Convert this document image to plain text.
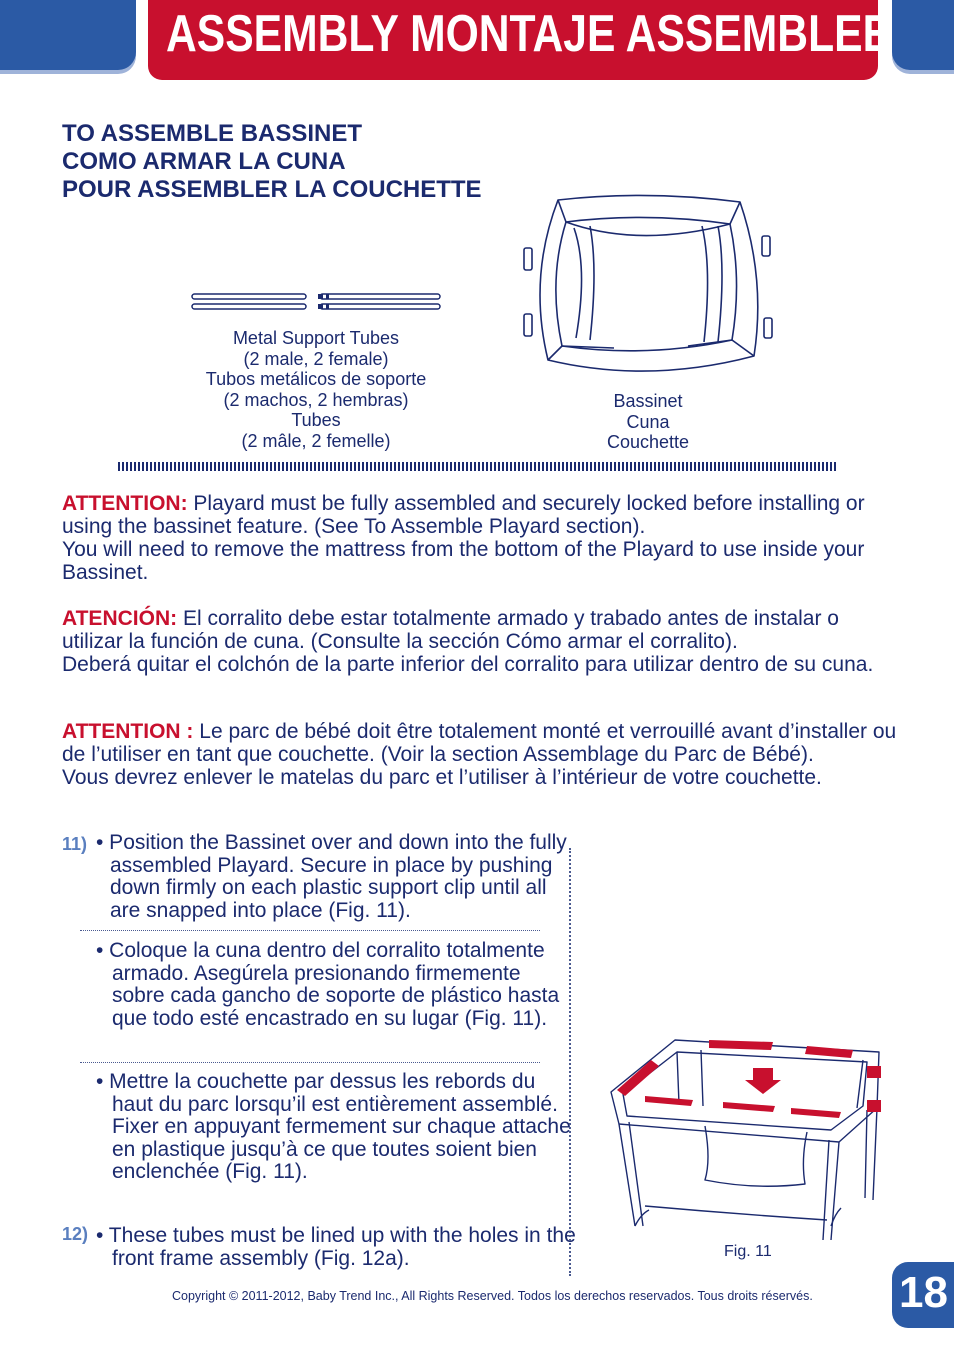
ASSEMBLY MONTAJE ASSEMBLEE
TO ASSEMBLE BASSINET
COMO ARMAR LA CUNA
POUR ASSEMBLER LA COUCHETTE
Metal Support Tubes
(2 male, 2 female)
Tubos metálicos de soporte
(2 machos, 2 hembras)
Tubes
(2 mâle, 2 femelle)
Bassinet
Cuna
Couchette
ATTENTION: Playard must be fully assembled and securely locked before installing or using the bassinet feature. (See To Assemble Playard section).
You will need to remove the mattress from the bottom of the Playard to use inside your Bassinet.
ATENCIÓN: El corralito debe estar totalmente armado y trabado antes de instalar o utilizar la función de cuna. (Consulte la sección Cómo armar el corralito).
Deberá quitar el colchón de la parte inferior del corralito para utilizar dentro de su cuna.
ATTENTION : Le parc de bébé doit être totalement monté et verrouillé avant d’installer ou de l’utiliser en tant que couchette. (Voir la section Assemblage du Parc de Bébé).
Vous devrez enlever le matelas du parc et l’utiliser à l’intérieur de votre couchette.
11) • Position the Bassinet over and down into the fully assembled Playard. Secure in place by pushing down firmly on each plastic support clip until all are snapped into place (Fig. 11).
• Coloque la cuna dentro del corralito totalmente armado. Asegúrela presionando firmemente sobre cada gancho de soporte de plástico hasta que todo esté encastrado en su lugar (Fig. 11).
• Mettre la couchette par dessus les rebords du haut du parc lorsqu’il est entièrement assemblé. Fixer en appuyant fermement sur chaque attache en plastique jusqu’à ce que toutes soient bien enclenchée (Fig. 11).
12) • These tubes must be lined up with the holes in the front frame assembly (Fig. 12a).	Fig. 11
Copyright © 2011-2012, Baby Trend Inc., All Rights Reserved. Todos los derechos reservados. Tous droits réservés. 18
